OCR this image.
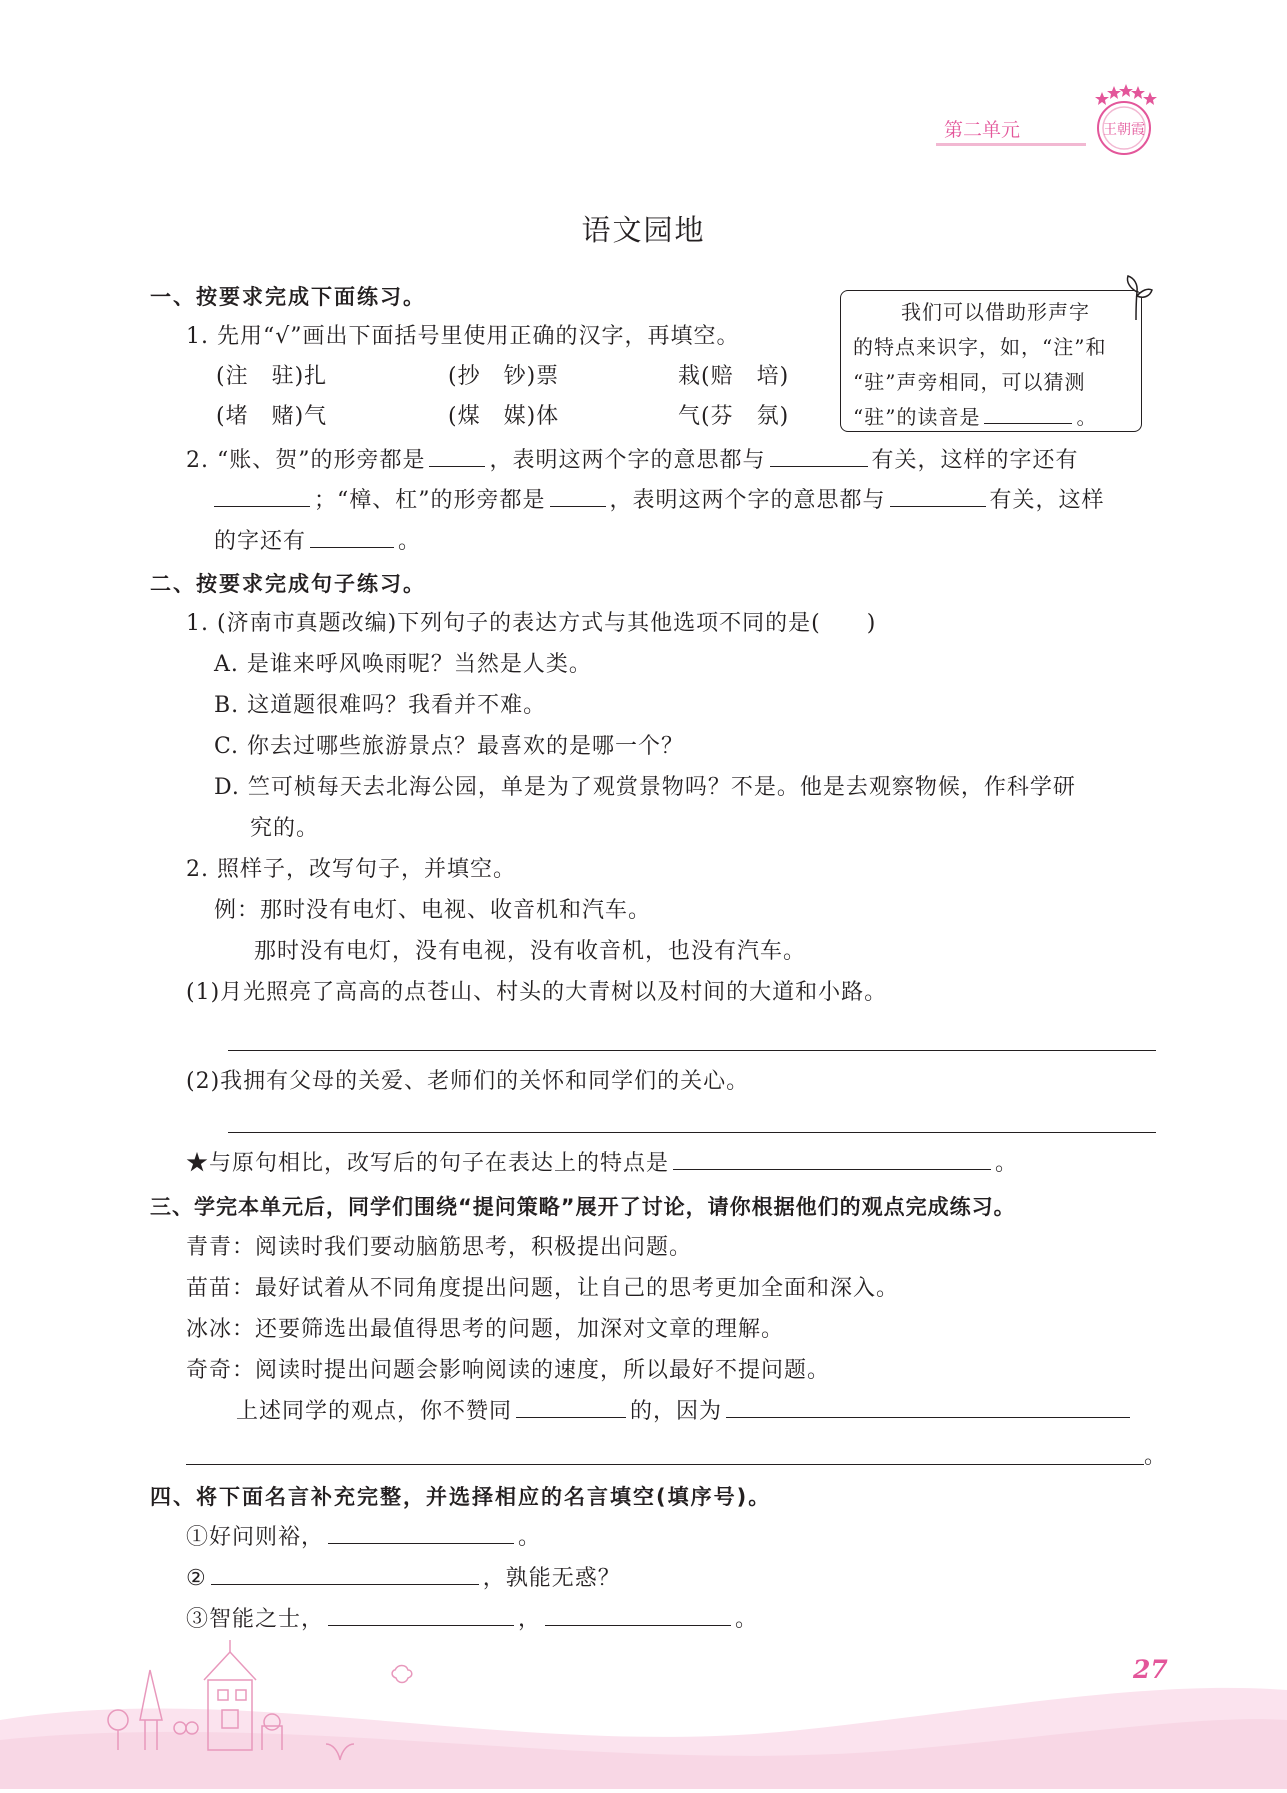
第二单元	王朝霞
语文园地
我们可以借助形声字
的特点来识字，如，“注”和
“驻”声旁相同，可以猜测
“驻”的读音是	。
一、按要求完成下面练习。
1. 先用“√”画出下面括号里使用正确的汉字，再填空。
(注　驻)扎	(抄　钞)票	栽(赔　培)
(堵　赌)气	(煤　媒)体	气(芬　氛)
2. “账、贺”的形旁都是	，表明这两个字的意思都与	有关，这样的字还有
；“樟、杠”的形旁都是	，表明这两个字的意思都与	有关，这样
的字还有	。
二、按要求完成句子练习。
1. (济南市真题改编)下列句子的表达方式与其他选项不同的是(　　)
A. 是谁来呼风唤雨呢？当然是人类。
B. 这道题很难吗？我看并不难。
C. 你去过哪些旅游景点？最喜欢的是哪一个？
D. 竺可桢每天去北海公园，单是为了观赏景物吗？不是。他是去观察物候，作科学研
究的。
2. 照样子，改写句子，并填空。
例：那时没有电灯、电视、收音机和汽车。
那时没有电灯，没有电视，没有收音机，也没有汽车。
(1)月光照亮了高高的点苍山、村头的大青树以及村间的大道和小路。
(2)我拥有父母的关爱、老师们的关怀和同学们的关心。
★与原句相比，改写后的句子在表达上的特点是	。
三、学完本单元后，同学们围绕“提问策略”展开了讨论，请你根据他们的观点完成练习。
青青：阅读时我们要动脑筋思考，积极提出问题。
苗苗：最好试着从不同角度提出问题，让自己的思考更加全面和深入。
冰冰：还要筛选出最值得思考的问题，加深对文章的理解。
奇奇：阅读时提出问题会影响阅读的速度，所以最好不提问题。
上述同学的观点，你不赞同	的，因为
。
四、将下面名言补充完整，并选择相应的名言填空(填序号)。
①好问则裕，	。
②	，孰能无惑？
③智能之士，	，	。
27
